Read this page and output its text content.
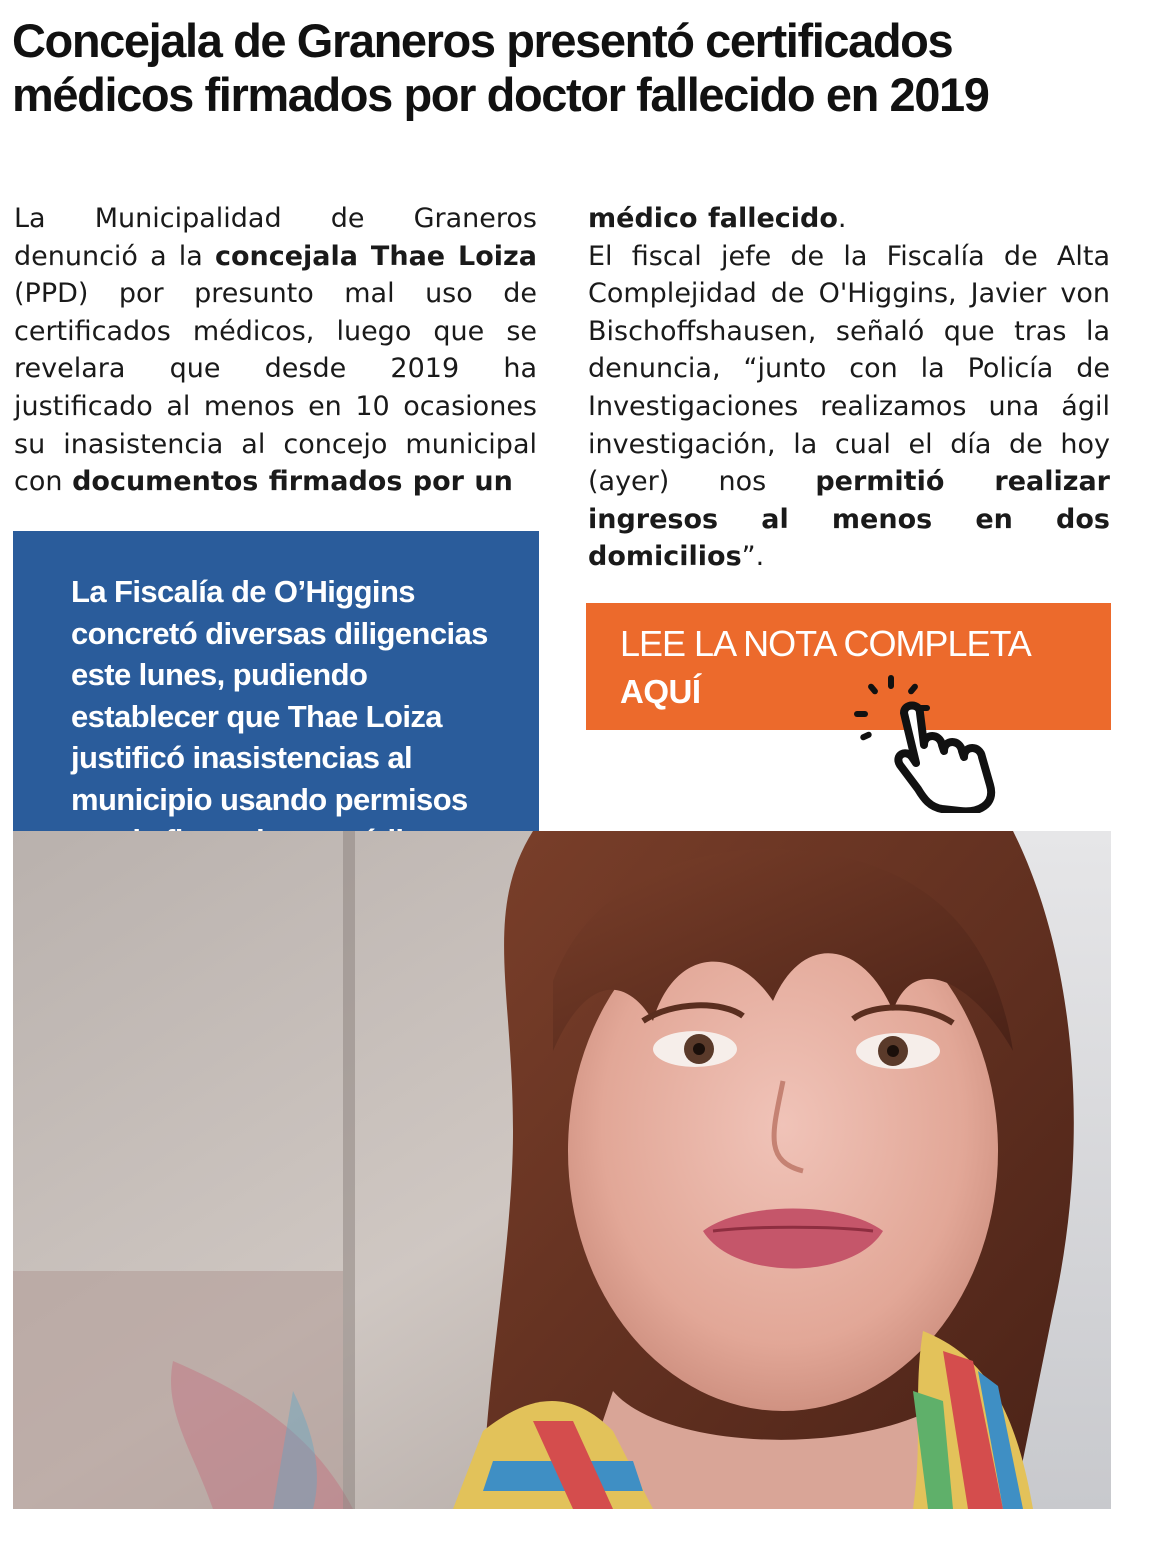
Concejala de Graneros presentó certificados médicos firmados por doctor fallecido en 2019
La Municipalidad de Graneros denunció a la concejala Thae Loiza (PPD) por presunto mal uso de certificados médicos, luego que se revelara que desde 2019 ha justificado al menos en 10 ocasiones su inasistencia al concejo municipal con documentos firmados por un
médico fallecido.
El fiscal jefe de la Fiscalía de Alta Complejidad de O'Higgins, Javier von Bischoffshausen, señaló que tras la denuncia, “junto con la Policía de Investigaciones realizamos una ágil investigación, la cual el día de hoy (ayer) nos permitió realizar ingresos al menos en dos domicilios”.
La Fiscalía de O’Higgins concretó diversas diligencias este lunes, pudiendo establecer que Thae Loiza justificó inasistencias al municipio usando permisos
LEE LA NOTA COMPLETA
AQUÍ
